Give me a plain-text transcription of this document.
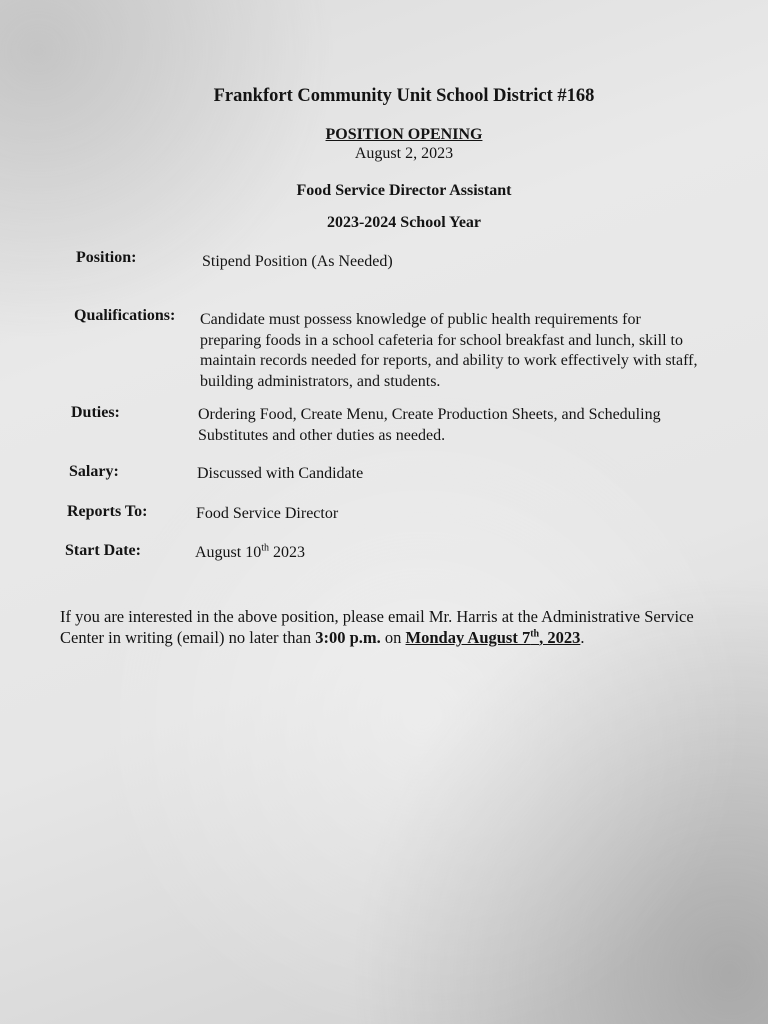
Frankfort Community Unit School District #168
POSITION OPENING
August 2, 2023
Food Service Director Assistant
2023-2024 School Year
Position:	Stipend Position (As Needed)
Qualifications: Candidate must possess knowledge of public health requirements for
preparing foods in a school cafeteria for school breakfast and lunch, skill to
maintain records needed for reports, and ability to work effectively with staff,
building administrators, and students.
Duties:	Ordering Food, Create Menu, Create Production Sheets, and Scheduling
Substitutes and other duties as needed.
Salary:	Discussed with Candidate
Reports To:	Food Service Director
Start Date:	August 10th 2023
If you are interested in the above position, please email Mr. Harris at the Administrative Service
Center in writing (email) no later than 3:00 p.m. on Monday August 7th, 2023.
